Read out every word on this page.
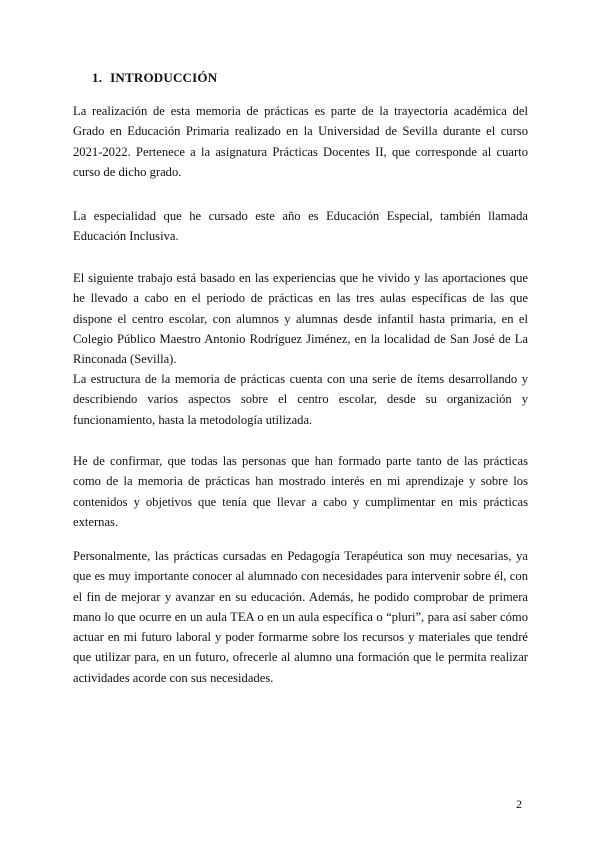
1. INTRODUCCIÓN

La realización de esta memoria de prácticas es parte de la trayectoria académica del Grado en Educación Primaria realizado en la Universidad de Sevilla durante el curso 2021-2022. Pertenece a la asignatura Prácticas Docentes II, que corresponde al cuarto curso de dicho grado.

La especialidad que he cursado este año es Educación Especial, también llamada Educación Inclusiva.

El siguiente trabajo está basado en las experiencias que he vivido y las aportaciones que he llevado a cabo en el periodo de prácticas en las tres aulas específicas de las que dispone el centro escolar, con alumnos y alumnas desde infantil hasta primaria, en el Colegio Público Maestro Antonio Rodríguez Jiménez, en la localidad de San José de La Rinconada (Sevilla).

La estructura de la memoria de prácticas cuenta con una serie de ítems desarrollando y describiendo varios aspectos sobre el centro escolar, desde su organización y funcionamiento, hasta la metodología utilizada.

He de confirmar, que todas las personas que han formado parte tanto de las prácticas como de la memoria de prácticas han mostrado interés en mi aprendizaje y sobre los contenidos y objetivos que tenía que llevar a cabo y cumplimentar en mis prácticas externas.

Personalmente, las prácticas cursadas en Pedagogía Terapéutica son muy necesarias, ya que es muy importante conocer al alumnado con necesidades para intervenir sobre él, con el fin de mejorar y avanzar en su educación. Además, he podido comprobar de primera mano lo que ocurre en un aula TEA o en un aula específica o “pluri”, para así saber cómo actuar en mi futuro laboral y poder formarme sobre los recursos y materiales que tendré que utilizar para, en un futuro, ofrecerle al alumno una formación que le permita realizar actividades acorde con sus necesidades.

2
